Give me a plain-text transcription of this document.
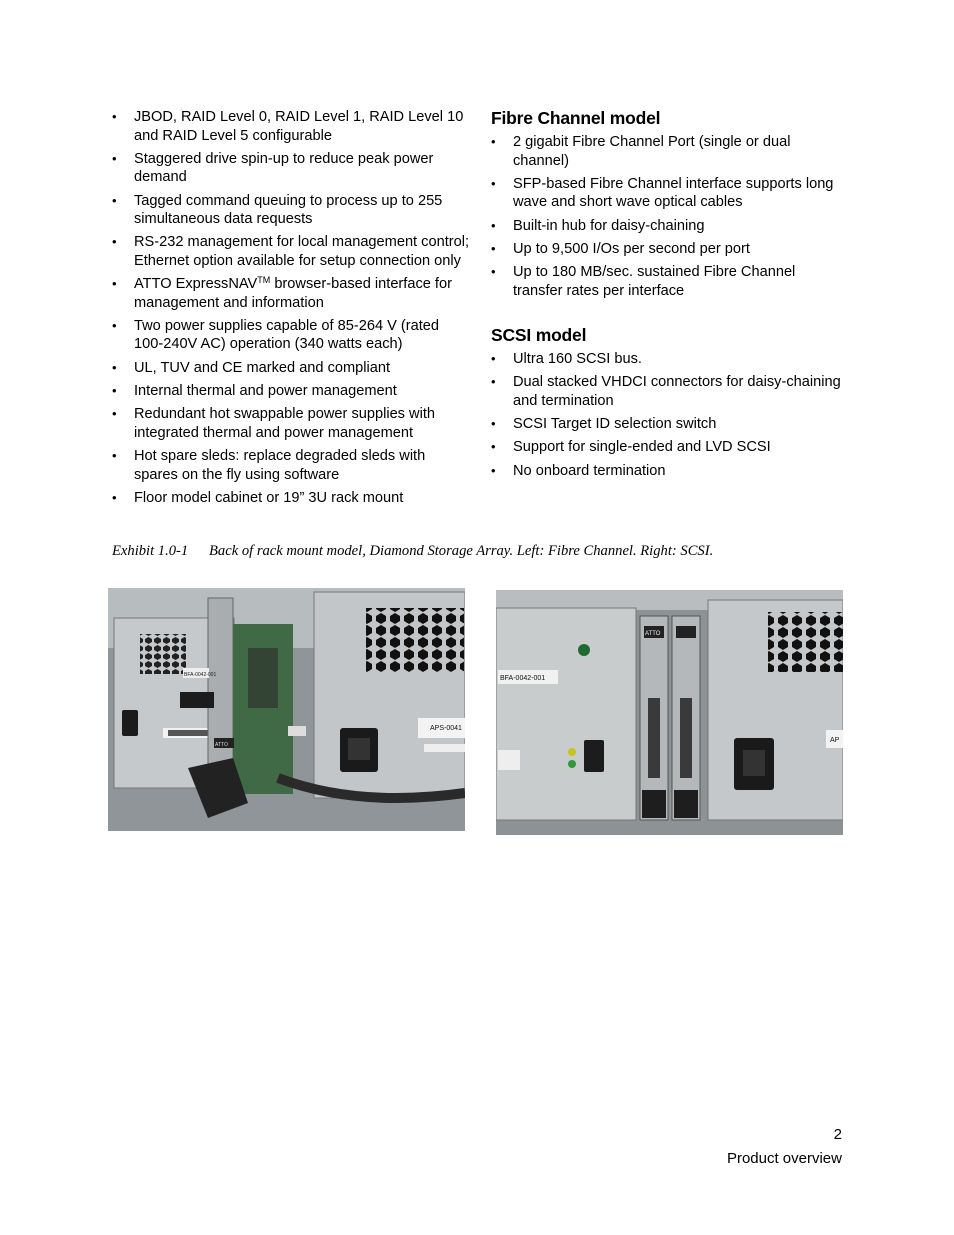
• JBOD, RAID Level 0, RAID Level 1, RAID Level 10 and RAID Level 5 configurable
• Staggered drive spin-up to reduce peak power demand
• Tagged command queuing to process up to 255 simultaneous data requests
• RS-232 management for local management control; Ethernet option available for setup connection only
• ATTO ExpressNAV™ browser-based interface for management and information
• Two power supplies capable of 85-264 V (rated 100-240V AC) operation (340 watts each)
• UL, TUV and CE marked and compliant
• Internal thermal and power management
• Redundant hot swappable power supplies with integrated thermal and power management
• Hot spare sleds: replace degraded sleds with spares on the fly using software
• Floor model cabinet or 19” 3U rack mount
Fibre Channel model
• 2 gigabit Fibre Channel Port (single or dual channel)
• SFP-based Fibre Channel interface supports long wave and short wave optical cables
• Built-in hub for daisy-chaining
• Up to 9,500 I/Os per second per port
• Up to 180 MB/sec. sustained Fibre Channel transfer rates per interface
SCSI model
• Ultra 160 SCSI bus.
• Dual stacked VHDCI connectors for daisy-chaining and termination
• SCSI Target ID selection switch
• Support for single-ended and LVD SCSI
• No onboard termination
Exhibit 1.0-1 Back of rack mount model, Diamond Storage Array. Left: Fibre Channel. Right: SCSI.
BFA-0042-001
ATTO
APS-0041
BFA-0042-001
ATTO
AP
2
Product overview
